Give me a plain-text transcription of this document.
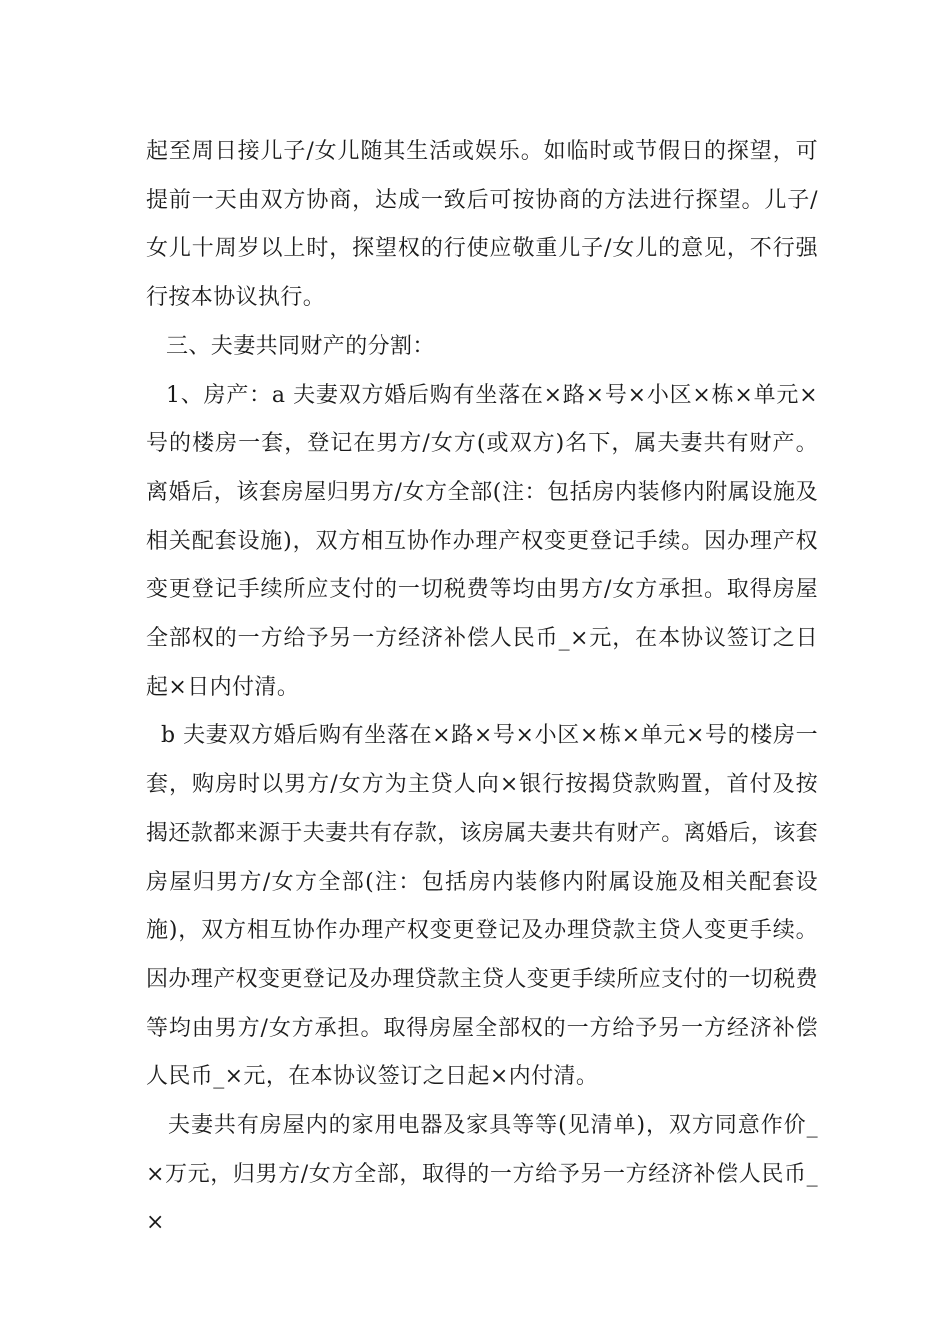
起至周日接儿子/女儿随其生活或娱乐。如临时或节假日的探望，可提前一天由双方协商，达成一致后可按协商的方法进行探望。儿子/女儿十周岁以上时，探望权的行使应敬重儿子/女儿的意见，不行强行按本协议执行。

三、夫妻共同财产的分割：

1、房产：a 夫妻双方婚后购有坐落在×路×号×小区×栋×单元×号的楼房一套，登记在男方/女方(或双方)名下，属夫妻共有财产。离婚后，该套房屋归男方/女方全部(注：包括房内装修内附属设施及相关配套设施)，双方相互协作办理产权变更登记手续。因办理产权变更登记手续所应支付的一切税费等均由男方/女方承担。取得房屋全部权的一方给予另一方经济补偿人民币_×元，在本协议签订之日起×日内付清。

b 夫妻双方婚后购有坐落在×路×号×小区×栋×单元×号的楼房一套，购房时以男方/女方为主贷人向×银行按揭贷款购置，首付及按揭还款都来源于夫妻共有存款，该房属夫妻共有财产。离婚后，该套房屋归男方/女方全部(注：包括房内装修内附属设施及相关配套设施)，双方相互协作办理产权变更登记及办理贷款主贷人变更手续。因办理产权变更登记及办理贷款主贷人变更手续所应支付的一切税费等均由男方/女方承担。取得房屋全部权的一方给予另一方经济补偿人民币_×元，在本协议签订之日起×内付清。

夫妻共有房屋内的家用电器及家具等等(见清单)，双方同意作价_×万元，归男方/女方全部，取得的一方给予另一方经济补偿人民币_×
